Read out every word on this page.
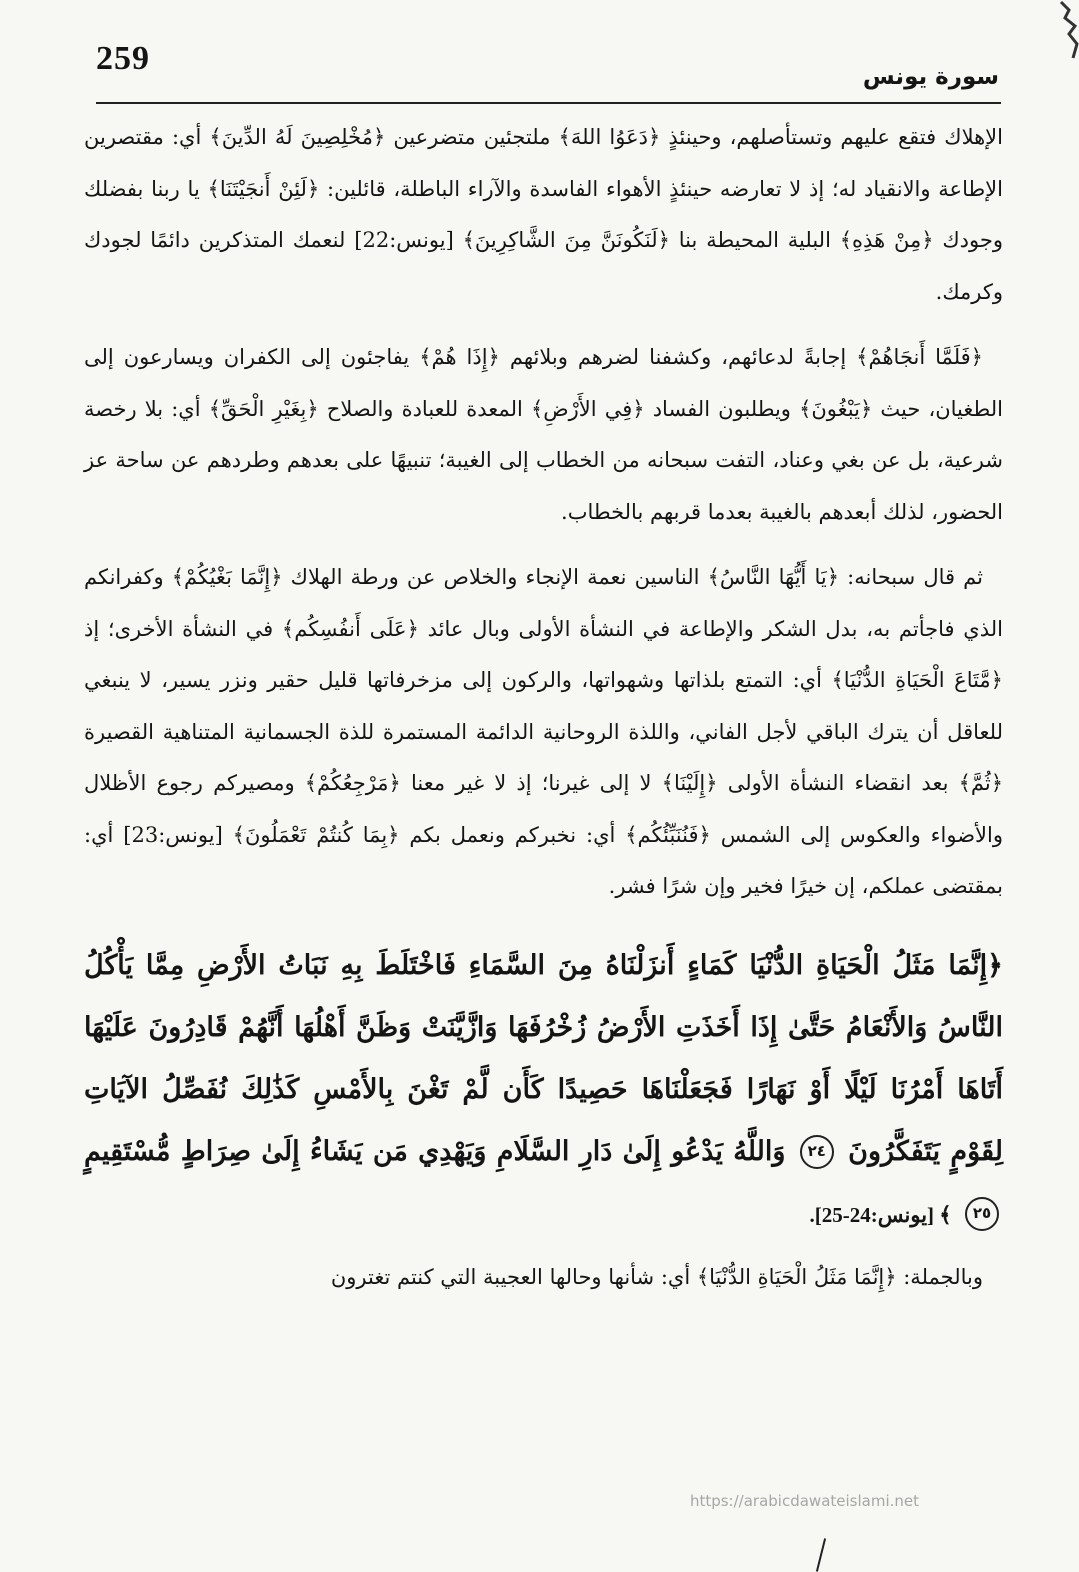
259	سورة يونس

الإهلاك فتقع عليهم وتستأصلهم، وحينئذٍ ﴿دَعَوُا اللهَ﴾ ملتجئين متضرعين ﴿مُخْلِصِينَ لَهُ الدِّينَ﴾ أي: مقتصرين الإطاعة والانقياد له؛ إذ لا تعارضه حينئذٍ الأهواء الفاسدة والآراء الباطلة، قائلين: ﴿لَئِنْ أَنجَيْتَنَا﴾ يا ربنا بفضلك وجودك ﴿مِنْ هَذِهِ﴾ البلية المحيطة بنا ﴿لَنَكُونَنَّ مِنَ الشَّاكِرِينَ﴾ [يونس:22] لنعمك المتذكرين دائمًا لجودك وكرمك.

﴿فَلَمَّا أَنجَاهُمْ﴾ إجابةً لدعائهم، وكشفنا لضرهم وبلائهم ﴿إِذَا هُمْ﴾ يفاجئون إلى الكفران ويسارعون إلى الطغيان، حيث ﴿يَبْغُونَ﴾ ويطلبون الفساد ﴿فِي الأَرْضِ﴾ المعدة للعبادة والصلاح ﴿بِغَيْرِ الْحَقِّ﴾ أي: بلا رخصة شرعية، بل عن بغي وعناد، التفت سبحانه من الخطاب إلى الغيبة؛ تنبيهًا على بعدهم وطردهم عن ساحة عز الحضور، لذلك أبعدهم بالغيبة بعدما قربهم بالخطاب.

ثم قال سبحانه: ﴿يَا أَيُّهَا النَّاسُ﴾ الناسين نعمة الإنجاء والخلاص عن ورطة الهلاك ﴿إِنَّمَا بَغْيُكُمْ﴾ وكفرانكم الذي فاجأتم به، بدل الشكر والإطاعة في النشأة الأولى وبال عائد ﴿عَلَى أَنفُسِكُم﴾ في النشأة الأخرى؛ إذ ﴿مَّتَاعَ الْحَيَاةِ الدُّنْيَا﴾ أي: التمتع بلذاتها وشهواتها، والركون إلى مزخرفاتها قليل حقير ونزر يسير، لا ينبغي للعاقل أن يترك الباقي لأجل الفاني، واللذة الروحانية الدائمة المستمرة للذة الجسمانية المتناهية القصيرة ﴿ثُمَّ﴾ بعد انقضاء النشأة الأولى ﴿إِلَيْنَا﴾ لا إلى غيرنا؛ إذ لا غير معنا ﴿مَرْجِعُكُمْ﴾ ومصيركم رجوع الأظلال والأضواء والعكوس إلى الشمس ﴿فَنُنَبِّئُكُم﴾ أي: نخبركم ونعمل بكم ﴿بِمَا كُنتُمْ تَعْمَلُونَ﴾ [يونس:23] أي: بمقتضى عملكم، إن خيرًا فخير وإن شرًا فشر.

﴿إِنَّمَا مَثَلُ الْحَيَاةِ الدُّنْيَا كَمَاءٍ أَنزَلْنَاهُ مِنَ السَّمَاءِ فَاخْتَلَطَ بِهِ نَبَاتُ الأَرْضِ مِمَّا يَأْكُلُ النَّاسُ وَالأَنْعَامُ حَتَّىٰ إِذَا أَخَذَتِ الأَرْضُ زُخْرُفَهَا وَازَّيَّنَتْ وَظَنَّ أَهْلُهَا أَنَّهُمْ قَادِرُونَ عَلَيْهَا أَتَاهَا أَمْرُنَا لَيْلًا أَوْ نَهَارًا فَجَعَلْنَاهَا حَصِيدًا كَأَن لَّمْ تَغْنَ بِالأَمْسِ كَذَٰلِكَ نُفَصِّلُ الآيَاتِ لِقَوْمٍ يَتَفَكَّرُونَ ٢٤ وَاللَّهُ يَدْعُو إِلَىٰ دَارِ السَّلَامِ وَيَهْدِي مَن يَشَاءُ إِلَىٰ صِرَاطٍ مُّسْتَقِيمٍ ٢٥ ﴾ [يونس:24-25].

وبالجملة: ﴿إِنَّمَا مَثَلُ الْحَيَاةِ الدُّنْيَا﴾ أي: شأنها وحالها العجيبة التي كنتم تغترون

https://arabicdawateislami.net
